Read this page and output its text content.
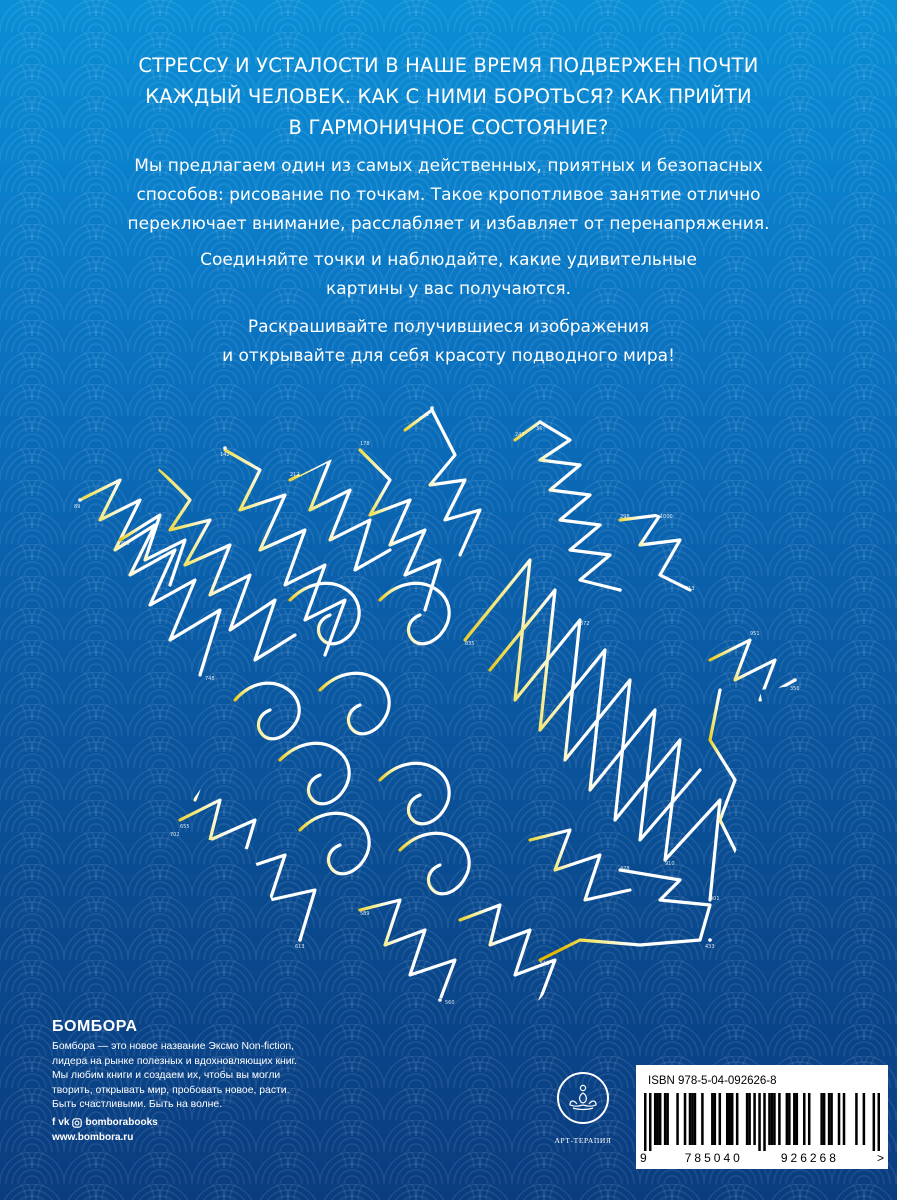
СТРЕССУ И УСТАЛОСТИ В НАШЕ ВРЕМЯ ПОДВЕРЖЕН ПОЧТИ
КАЖДЫЙ ЧЕЛОВЕК. КАК С НИМИ БОРОТЬСЯ? КАК ПРИЙТИ
В ГАРМОНИЧНОЕ СОСТОЯНИЕ?
Мы предлагаем один из самых действенных, приятных и безопасных
способов: рисование по точкам. Такое кропотливое занятие отлично
переключает внимание, расслабляет и избавляет от перенапряжения.
Соединяйте точки и наблюдайте, какие удивительные
картины у вас получаются.
Раскрашивайте получившиеся изображения
и открывайте для себя красоту подводного мира!
1
36
89
142
178
212
247
298
313
356
401
433
478
512
560
589
613
655
702
748
799
835
872
910
951
1000
БОМБОРА
Бомбора — это новое название Эксмо Non-fiction,
лидера на рынке полезных и вдохновляющих книг.
Мы любим книги и создаем их, чтобы вы могли
творить, открывать мир, пробовать новое, расти.
Быть счастливыми. Быть на волне.
f vk bomborabooks
www.bombora.ru	АРТ-ТЕРАПИЯ
ISBN 978-5-04-092626-8
9	785040	926268	>
